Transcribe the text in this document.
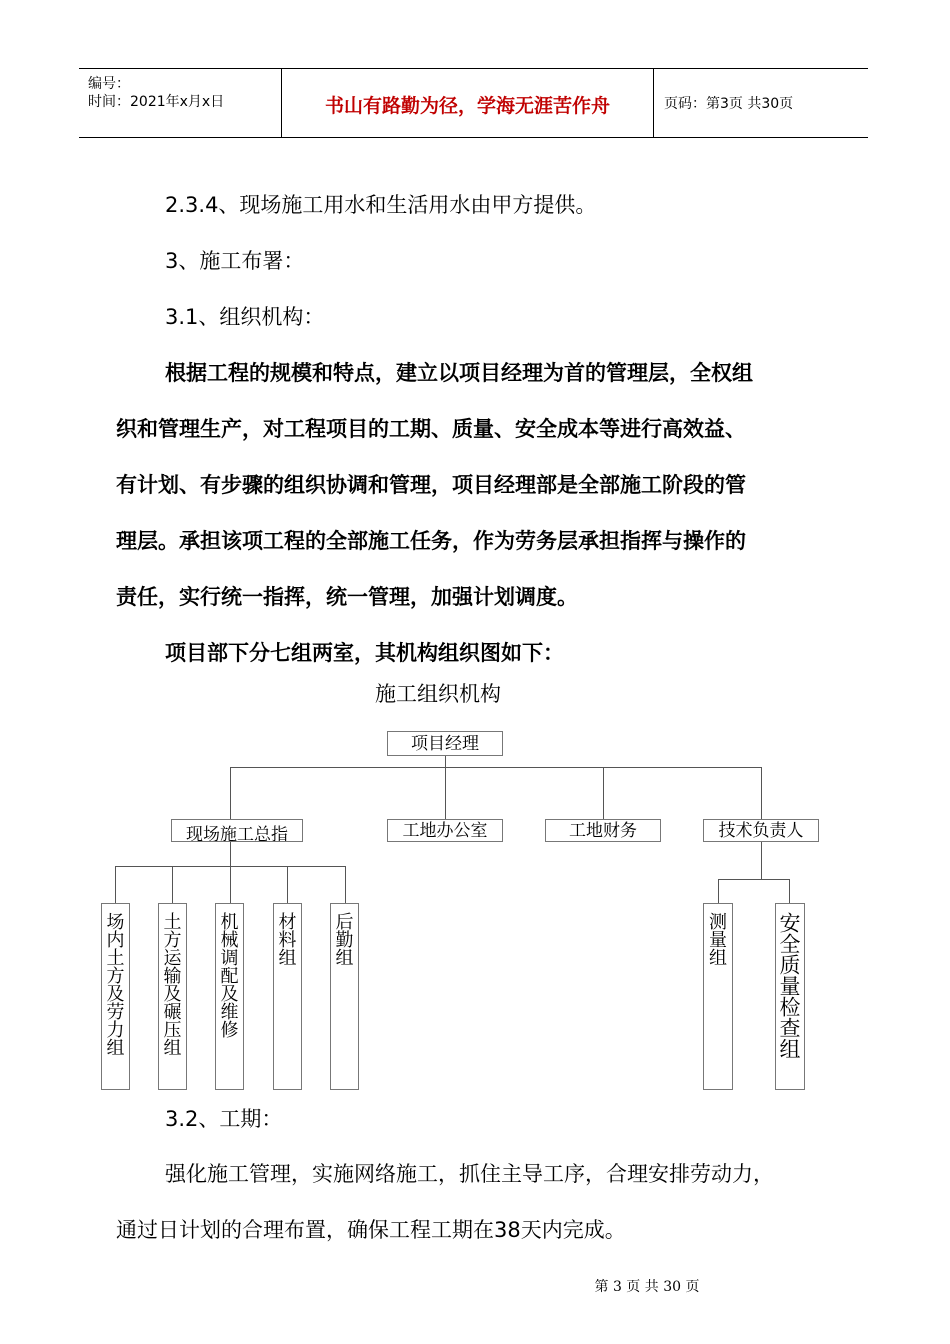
编号：
时间：2021年x月x日	书山有路勤为径，学海无涯苦作舟	页码：第3页 共30页
2.3.4、现场施工用水和生活用水由甲方提供。
3、施工布署：
3.1、组织机构：
根据工程的规模和特点，建立以项目经理为首的管理层，全权组
织和管理生产，对工程项目的工期、质量、安全成本等进行高效益、
有计划、有步骤的组织协调和管理，项目经理部是全部施工阶段的管
理层。承担该项工程的全部施工任务，作为劳务层承担指挥与操作的
责任，实行统一指挥，统一管理，加强计划调度。
项目部下分七组两室，其机构组织图如下：
施工组织机构
项目经理
现场施工总指	工地办公室	工地财务	技术负责人
场内土方及劳力组 土方运输及碾压组 机械调配及维修 材料组 后勤组	测量组 安全质量检查组
3.2、工期：
强化施工管理，实施网络施工，抓住主导工序，合理安排劳动力，
通过日计划的合理布置，确保工程工期在38天内完成。
第 3 页 共 30 页
